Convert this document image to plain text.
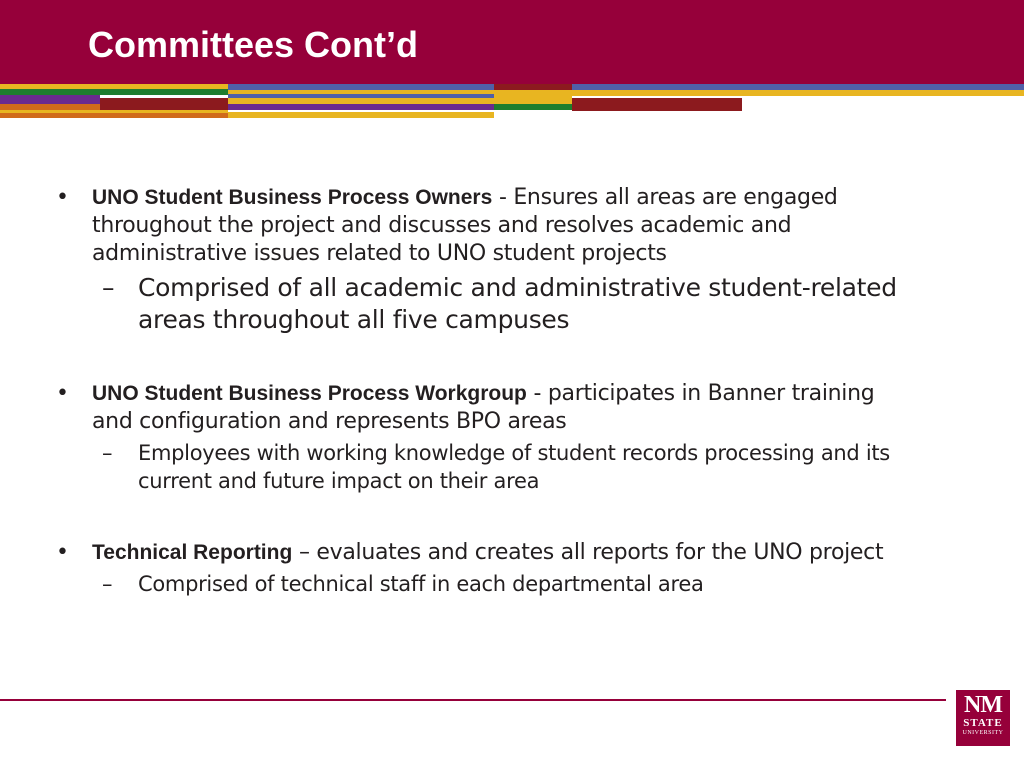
Committees Cont’d
• UNO Student Business Process Owners - Ensures all areas are engaged throughout the project and discusses and resolves academic and administrative issues related to UNO student projects
– Comprised of all academic and administrative student-related areas throughout all five campuses
• UNO Student Business Process Workgroup - participates in Banner training and configuration and represents BPO areas
– Employees with working knowledge of student records processing and its current and future impact on their area
• Technical Reporting – evaluates and creates all reports for the UNO project
– Comprised of technical staff in each departmental area
NM
STATE
UNIVERSITY
